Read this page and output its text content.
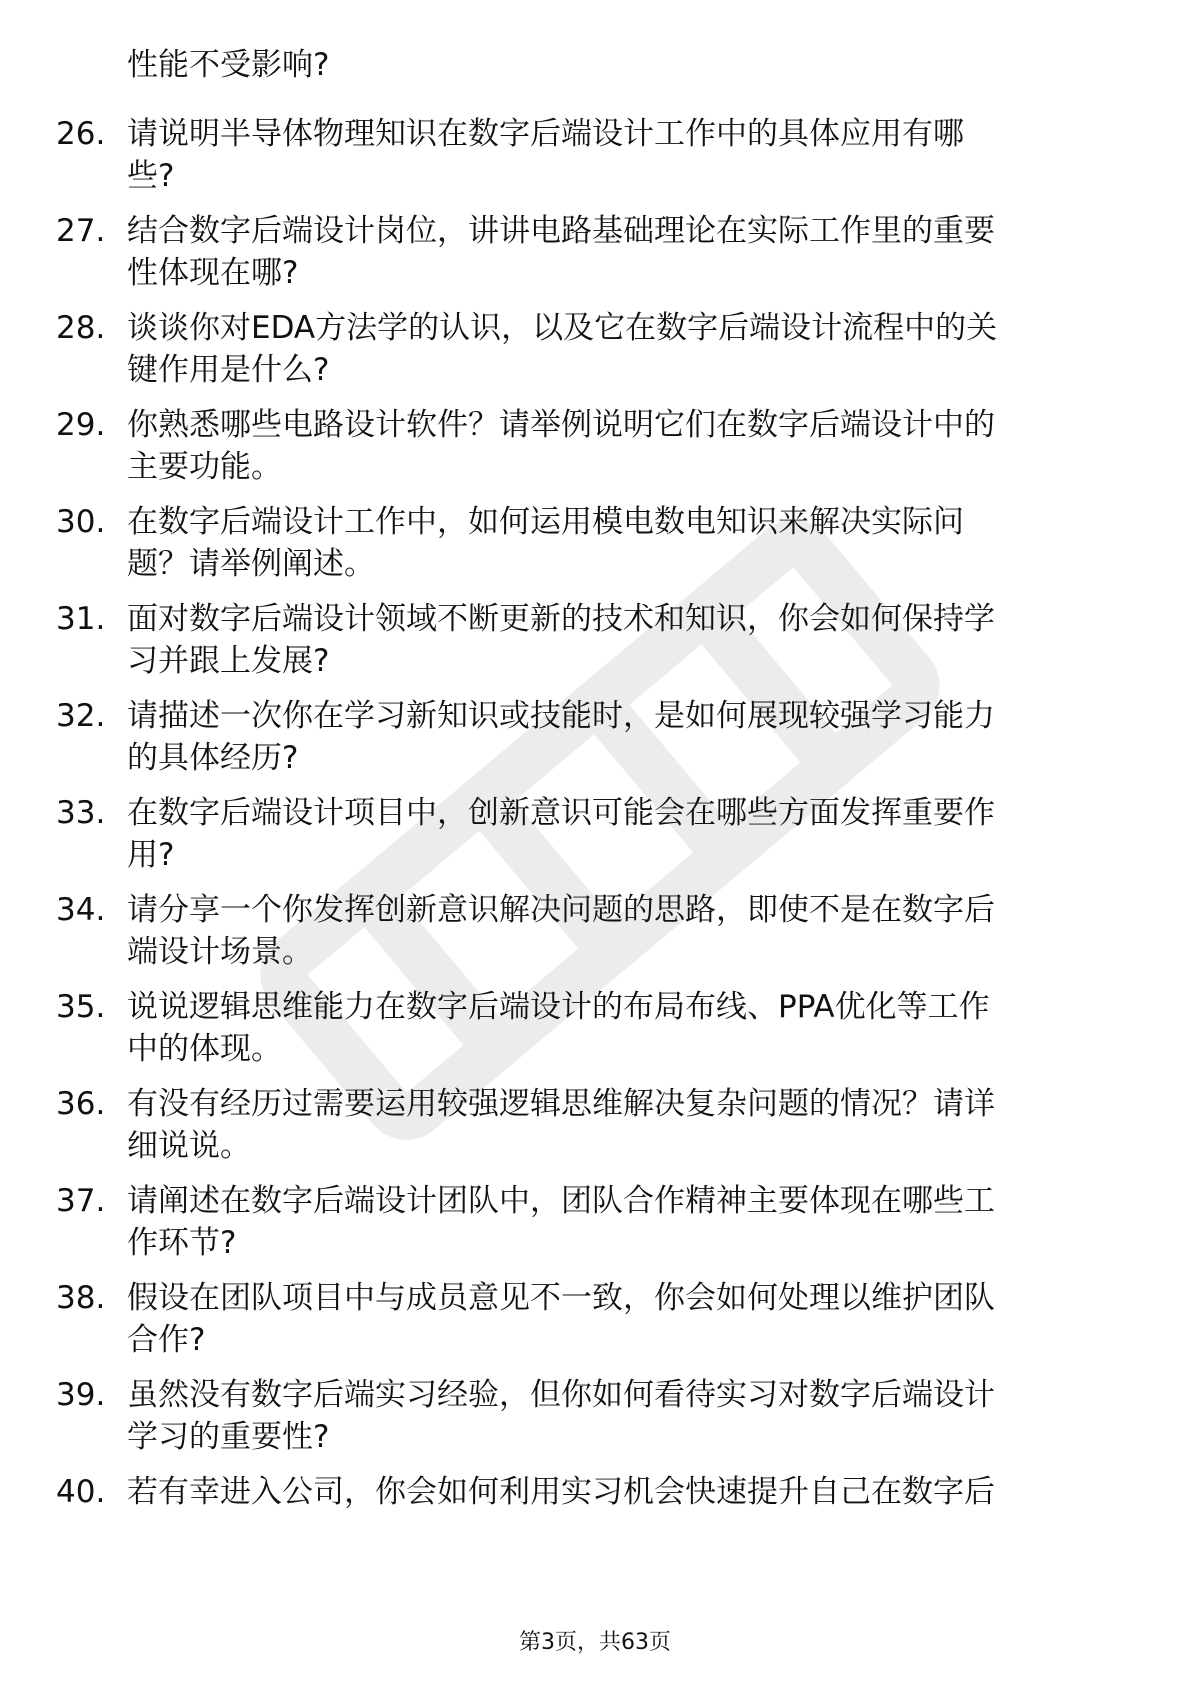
性能不受影响?
26. 请说明半导体物理知识在数字后端设计工作中的具体应用有哪
些?
27. 结合数字后端设计岗位，讲讲电路基础理论在实际工作里的重要
性体现在哪?
28. 谈谈你对EDA方法学的认识，以及它在数字后端设计流程中的关
键作用是什么?
29. 你熟悉哪些电路设计软件？请举例说明它们在数字后端设计中的
主要功能。
30. 在数字后端设计工作中，如何运用模电数电知识来解决实际问
题？请举例阐述。
31. 面对数字后端设计领域不断更新的技术和知识，你会如何保持学
习并跟上发展?
32. 请描述一次你在学习新知识或技能时，是如何展现较强学习能力
的具体经历?
33. 在数字后端设计项目中，创新意识可能会在哪些方面发挥重要作
用?
34. 请分享一个你发挥创新意识解决问题的思路，即使不是在数字后
端设计场景。
35. 说说逻辑思维能力在数字后端设计的布局布线、PPA优化等工作
中的体现。
36. 有没有经历过需要运用较强逻辑思维解决复杂问题的情况？请详
细说说。
37. 请阐述在数字后端设计团队中，团队合作精神主要体现在哪些工
作环节?
38. 假设在团队项目中与成员意见不一致，你会如何处理以维护团队
合作?
39. 虽然没有数字后端实习经验，但你如何看待实习对数字后端设计
学习的重要性?
40. 若有幸进入公司，你会如何利用实习机会快速提升自己在数字后
第3页，共63页
